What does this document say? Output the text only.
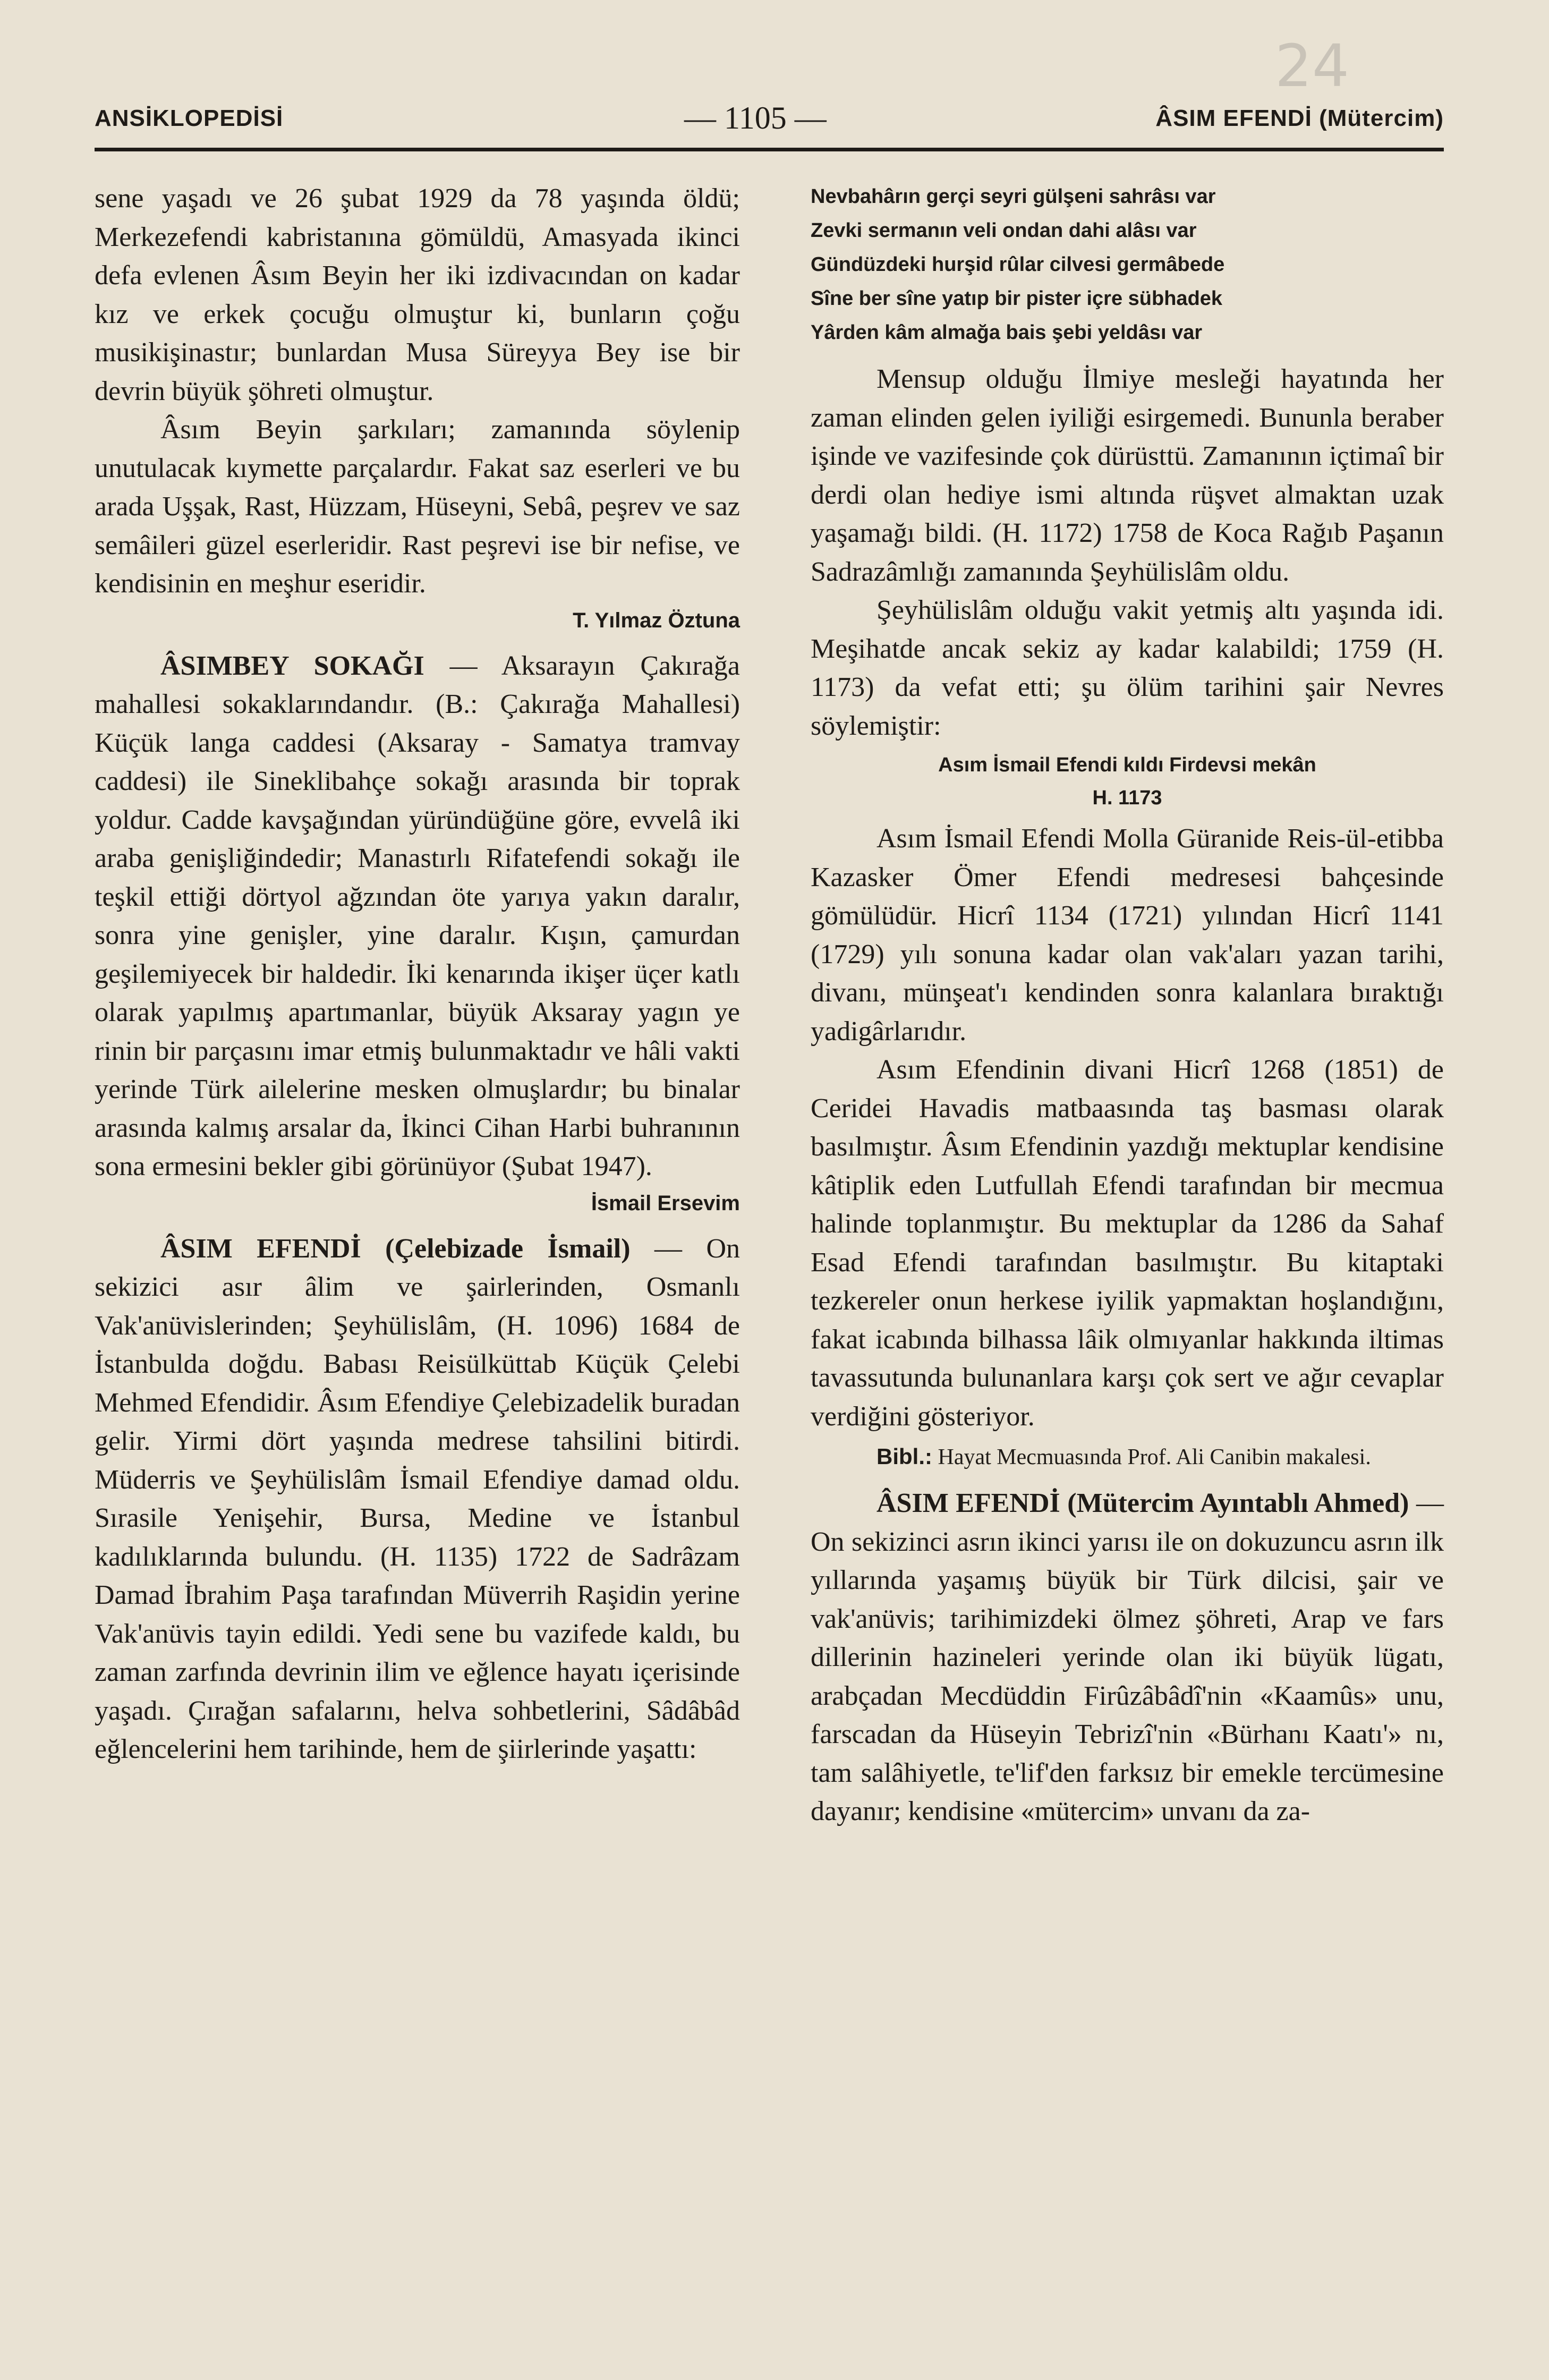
24
ANSİKLOPEDİSİ	— 1105 —	ÂSIM EFENDİ (Mütercim)

sene yaşadı ve 26 şubat 1929 da 78 yaşında öldü; Merkezefendi kabristanına gömüldü, Amasyada ikinci defa evlenen Âsım Beyin her iki izdivacından on kadar kız ve erkek çocuğu olmuştur ki, bunların çoğu musikişinastır; bunlardan Musa Süreyya Bey ise bir devrin büyük şöhreti olmuştur.

Âsım Beyin şarkıları; zamanında söylenip unutulacak kıymette parçalardır. Fakat saz eserleri ve bu arada Uşşak, Rast, Hüzzam, Hüseyni, Sebâ, peşrev ve saz semâileri güzel eserleridir. Rast peşrevi ise bir nefise, ve kendisinin en meşhur eseridir.

T. Yılmaz Öztuna

ÂSIMBEY SOKAĞI — Aksarayın Çakırağa mahallesi sokaklarındandır. (B.: Çakırağa Mahallesi) Küçük langa caddesi (Aksaray - Samatya tramvay caddesi) ile Sineklibahçe sokağı arasında bir toprak yoldur. Cadde kavşağından yüründüğüne göre, evvelâ iki araba genişliğindedir; Manastırlı Rifatefendi sokağı ile teşkil ettiği dörtyol ağzından öte yarıya yakın daralır, sonra yine genişler, yine daralır. Kışın, çamurdan geşilemiyecek bir haldedir. İki kenarında ikişer üçer katlı olarak yapılmış apartımanlar, büyük Aksaray yagın ye rinin bir parçasını imar etmiş bulunmaktadır ve hâli vakti yerinde Türk ailelerine mesken olmuşlardır; bu binalar arasında kalmış arsalar da, İkinci Cihan Harbi buhranının sona ermesini bekler gibi görünüyor (Şubat 1947).

İsmail Ersevim

ÂSIM EFENDİ (Çelebizade İsmail) — On sekizici asır âlim ve şairlerinden, Osmanlı Vak'anüvislerinden; Şeyhülislâm, (H. 1096) 1684 de İstanbulda doğdu. Babası Reisülküttab Küçük Çelebi Mehmed Efendidir. Âsım Efendiye Çelebizadelik buradan gelir. Yirmi dört yaşında medrese tahsilini bitirdi. Müderris ve Şeyhülislâm İsmail Efendiye damad oldu. Sırasile Yenişehir, Bursa, Medine ve İstanbul kadılıklarında bulundu. (H. 1135) 1722 de Sadrâzam Damad İbrahim Paşa tarafından Müverrih Raşidin yerine Vak'anüvis tayin edildi. Yedi sene bu vazifede kaldı, bu zaman zarfında devrinin ilim ve eğlence hayatı içerisinde yaşadı. Çırağan safalarını, helva sohbetlerini, Sâdâbâd eğlencelerini hem tarihinde, hem de şiirlerinde yaşattı:

Nevbahârın gerçi seyri gülşeni sahrâsı var
Zevki sermanın veli ondan dahi alâsı var
Gündüzdeki hurşid rûlar cilvesi germâbede
Sîne ber sîne yatıp bir pister içre sübhadek
Yârden kâm almağa bais şebi yeldâsı var

Mensup olduğu İlmiye mesleği hayatında her zaman elinden gelen iyiliği esirgemedi. Bununla beraber işinde ve vazifesinde çok dürüsttü. Zamanının içtimaî bir derdi olan hediye ismi altında rüşvet almaktan uzak yaşamağı bildi. (H. 1172) 1758 de Koca Rağıb Paşanın Sadrazâmlığı zamanında Şeyhülislâm oldu.

Şeyhülislâm olduğu vakit yetmiş altı yaşında idi. Meşihatde ancak sekiz ay kadar kalabildi; 1759 (H. 1173) da vefat etti; şu ölüm tarihini şair Nevres söylemiştir:

Asım İsmail Efendi kıldı Firdevsi mekân
H. 1173

Asım İsmail Efendi Molla Güranide Reis-ül-etibba Kazasker Ömer Efendi medresesi bahçesinde gömülüdür. Hicrî 1134 (1721) yılından Hicrî 1141 (1729) yılı sonuna kadar olan vak'aları yazan tarihi, divanı, münşeat'ı kendinden sonra kalanlara bıraktığı yadigârlarıdır.

Asım Efendinin divani Hicrî 1268 (1851) de Ceridei Havadis matbaasında taş basması olarak basılmıştır. Âsım Efendinin yazdığı mektuplar kendisine kâtiplik eden Lutfullah Efendi tarafından bir mecmua halinde toplanmıştır. Bu mektuplar da 1286 da Sahaf Esad Efendi tarafından basılmıştır. Bu kitaptaki tezkereler onun herkese iyilik yapmaktan hoşlandığını, fakat icabında bilhassa lâik olmıyanlar hakkında iltimas tavassutunda bulunanlara karşı çok sert ve ağır cevaplar verdiğini gösteriyor.

Bibl.: Hayat Mecmuasında Prof. Ali Canibin makalesi.

ÂSIM EFENDİ (Mütercim Ayıntablı Ahmed) — On sekizinci asrın ikinci yarısı ile on dokuzuncu asrın ilk yıllarında yaşamış büyük bir Türk dilcisi, şair ve vak'anüvis; tarihimizdeki ölmez şöhreti, Arap ve fars dillerinin hazineleri yerinde olan iki büyük lügatı, arabçadan Mecdüddin Firûzâbâdî'nin «Kaamûs» unu, farscadan da Hüseyin Tebrizî'nin «Bürhanı Kaatı'» nı, tam salâhiyetle, te'lif'den farksız bir emekle tercümesine dayanır; kendisine «mütercim» unvanı da za-
